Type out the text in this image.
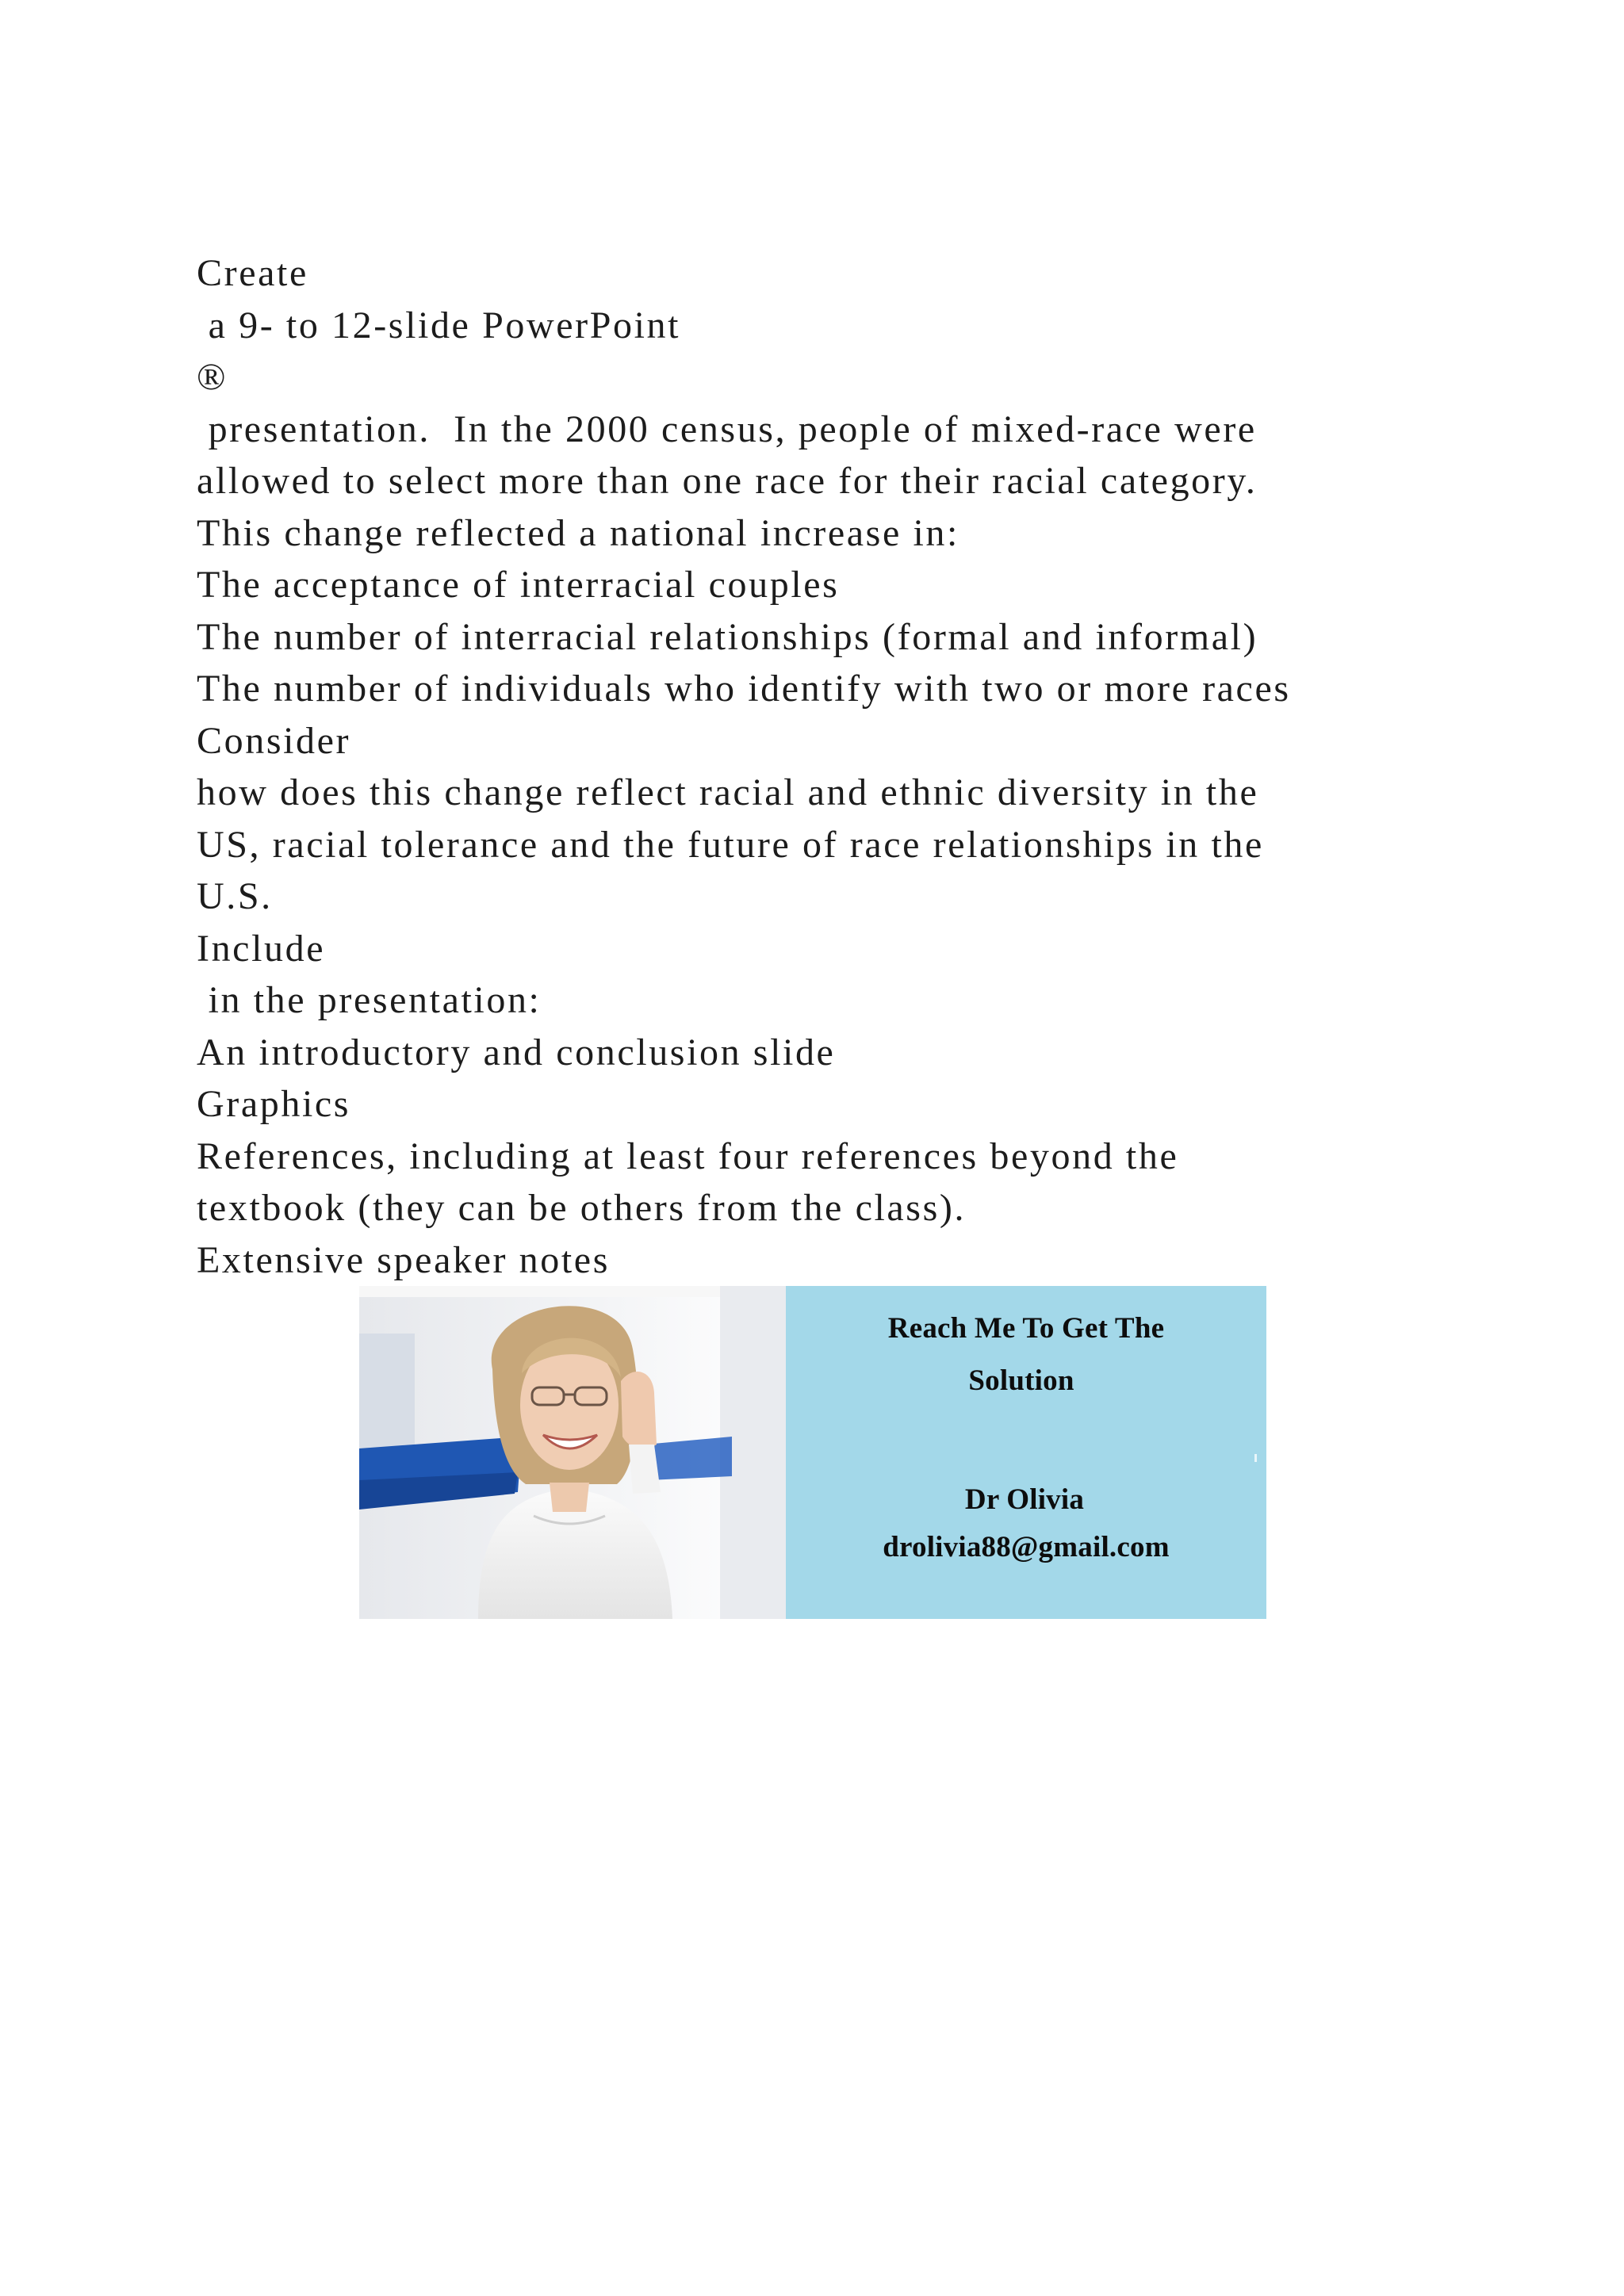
Create
a 9- to 12-slide PowerPoint
®
presentation.  In the 2000 census, people of mixed-race were
allowed to select more than one race for their racial category.
This change reflected a national increase in:
The acceptance of interracial couples
The number of interracial relationships (formal and informal)
The number of individuals who identify with two or more races
Consider
how does this change reflect racial and ethnic diversity in the
US, racial tolerance and the future of race relationships in the
U.S.
Include
in the presentation:
An introductory and conclusion slide
Graphics
References, including at least four references beyond the
textbook (they can be others from the class).
Extensive speaker notes
Reach Me To Get The
Solution
Dr Olivia
drolivia88@gmail.com
